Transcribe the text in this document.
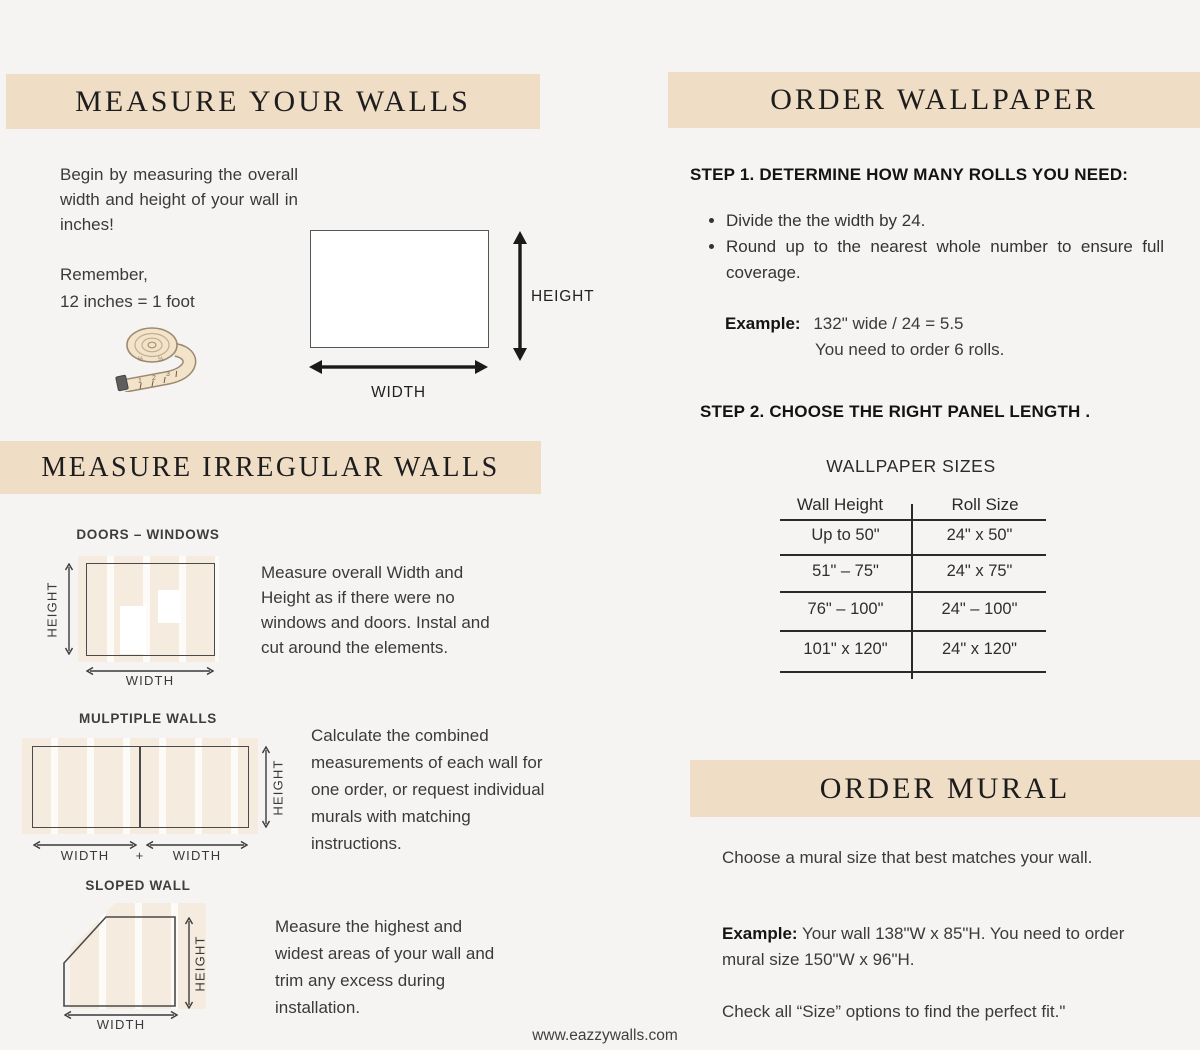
MEASURE YOUR WALLS
Begin by measuring the overall width and height of your wall in inches!
Remember,
12 inches = 1 foot
1 2
3
½ ½
HEIGHT
WIDTH
MEASURE IRREGULAR WALLS
DOORS – WINDOWS
HEIGHT
WIDTH
Measure overall Width and Height as if there were no windows and doors. Instal and cut around the elements.
MULPTIPLE WALLS
HEIGHT
WIDTH	+	WIDTH
Calculate the combined measurements of each wall for one order, or request individual murals with matching instructions.
SLOPED WALL
HEIGHT
WIDTH
Measure the highest and widest areas of your wall and trim any excess during installation.
www.eazzywalls.com
ORDER WALLPAPER
STEP 1. DETERMINE HOW MANY ROLLS YOU NEED:
• Divide the the width by 24.
• Round up to the nearest whole number to ensure full coverage.
Example: 132" wide / 24 = 5.5
You need to order 6 rolls.
STEP 2. CHOOSE THE RIGHT PANEL LENGTH .
WALLPAPER SIZES
Wall Height	Roll Size
Up to 50"	24" x 50"
51" – 75"	24" x 75"
76" – 100"	24" – 100"
101" x 120"	24" x 120"
ORDER MURAL
Choose a mural size that best matches your wall.
Example: Your wall 138"W x 85"H. You need to order mural size 150"W x 96"H.
Check all “Size” options to find the perfect fit."
